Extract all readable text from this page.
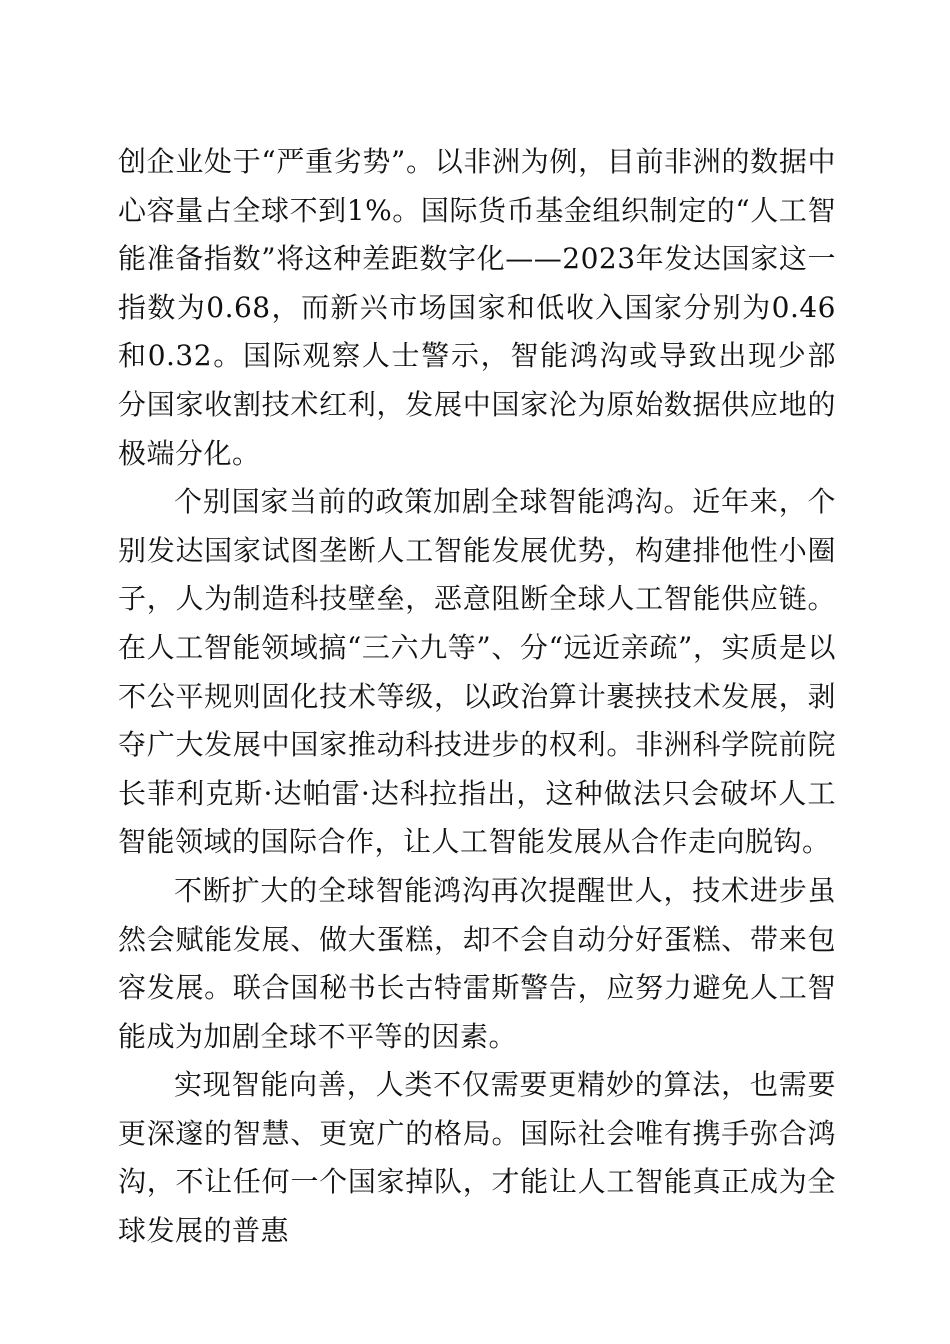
创企业处于“严重劣势”。以非洲为例，目前非洲的数据中心容量占全球不到1%。国际货币基金组织制定的“人工智能准备指数”将这种差距数字化——2023年发达国家这一指数为0.68，而新兴市场国家和低收入国家分别为0.46和0.32。国际观察人士警示，智能鸿沟或导致出现少部分国家收割技术红利，发展中国家沦为原始数据供应地的极端分化。

个别国家当前的政策加剧全球智能鸿沟。近年来，个别发达国家试图垄断人工智能发展优势，构建排他性小圈子，人为制造科技壁垒，恶意阻断全球人工智能供应链。在人工智能领域搞“三六九等”、分“远近亲疏”，实质是以不公平规则固化技术等级，以政治算计裹挟技术发展，剥夺广大发展中国家推动科技进步的权利。非洲科学院前院长菲利克斯·达帕雷·达科拉指出，这种做法只会破坏人工智能领域的国际合作，让人工智能发展从合作走向脱钩。

不断扩大的全球智能鸿沟再次提醒世人，技术进步虽然会赋能发展、做大蛋糕，却不会自动分好蛋糕、带来包容发展。联合国秘书长古特雷斯警告，应努力避免人工智能成为加剧全球不平等的因素。

实现智能向善，人类不仅需要更精妙的算法，也需要更深邃的智慧、更宽广的格局。国际社会唯有携手弥合鸿沟，不让任何一个国家掉队，才能让人工智能真正成为全球发展的普惠
